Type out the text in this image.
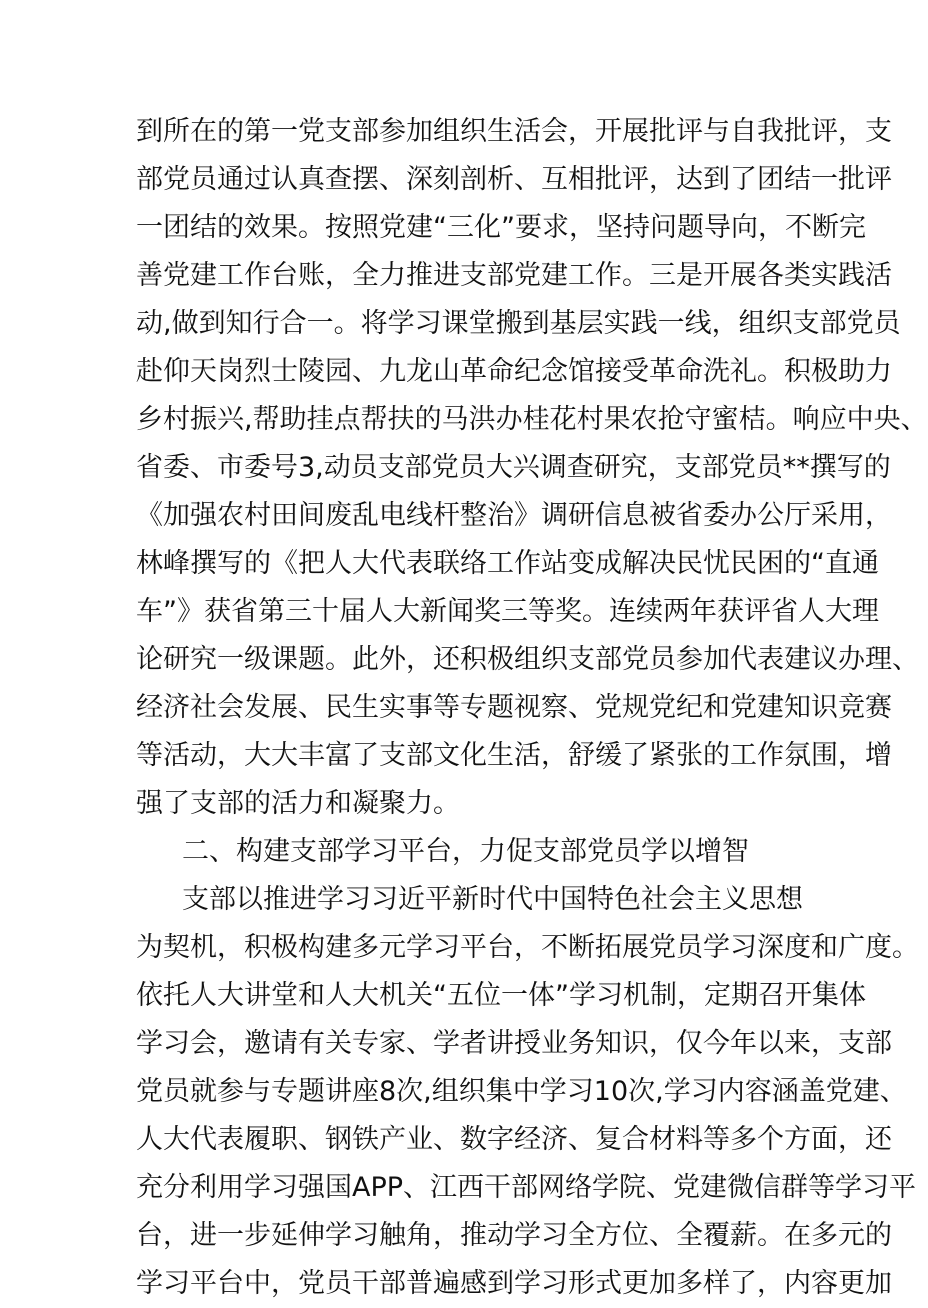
到所在的第一党支部参加组织生活会，开展批评与自我批评，支
部党员通过认真查摆、深刻剖析、互相批评，达到了团结一批评
一团结的效果。按照党建“三化”要求，坚持问题导向，不断完
善党建工作台账，全力推进支部党建工作。三是开展各类实践活
动,做到知行合一。将学习课堂搬到基层实践一线，组织支部党员
赴仰天岗烈士陵园、九龙山革命纪念馆接受革命洗礼。积极助力
乡村振兴,帮助挂点帮扶的马洪办桂花村果农抢守蜜桔。响应中央、
省委、市委号3,动员支部党员大兴调查研究，支部党员**撰写的
《加强农村田间废乱电线杆整治》调研信息被省委办公厅采用，
林峰撰写的《把人大代表联络工作站变成解决民忧民困的“直通
车”》获省第三十届人大新闻奖三等奖。连续两年获评省人大理
论研究一级课题。此外，还积极组织支部党员参加代表建议办理、
经济社会发展、民生实事等专题视察、党规党纪和党建知识竞赛
等活动，大大丰富了支部文化生活，舒缓了紧张的工作氛围，增
强了支部的活力和凝聚力。
二、构建支部学习平台，力促支部党员学以增智
支部以推进学习习近平新时代中国特色社会主义思想
为契机，积极构建多元学习平台，不断拓展党员学习深度和广度。
依托人大讲堂和人大机关“五位一体”学习机制，定期召开集体
学习会，邀请有关专家、学者讲授业务知识，仅今年以来，支部
党员就参与专题讲座8次,组织集中学习10次,学习内容涵盖党建、
人大代表履职、钢铁产业、数字经济、复合材料等多个方面，还
充分利用学习强国APP、江西干部网络学院、党建微信群等学习平
台，进一步延伸学习触角，推动学习全方位、全覆薪。在多元的
学习平台中，党员干部普遍感到学习形式更加多样了，内容更加
